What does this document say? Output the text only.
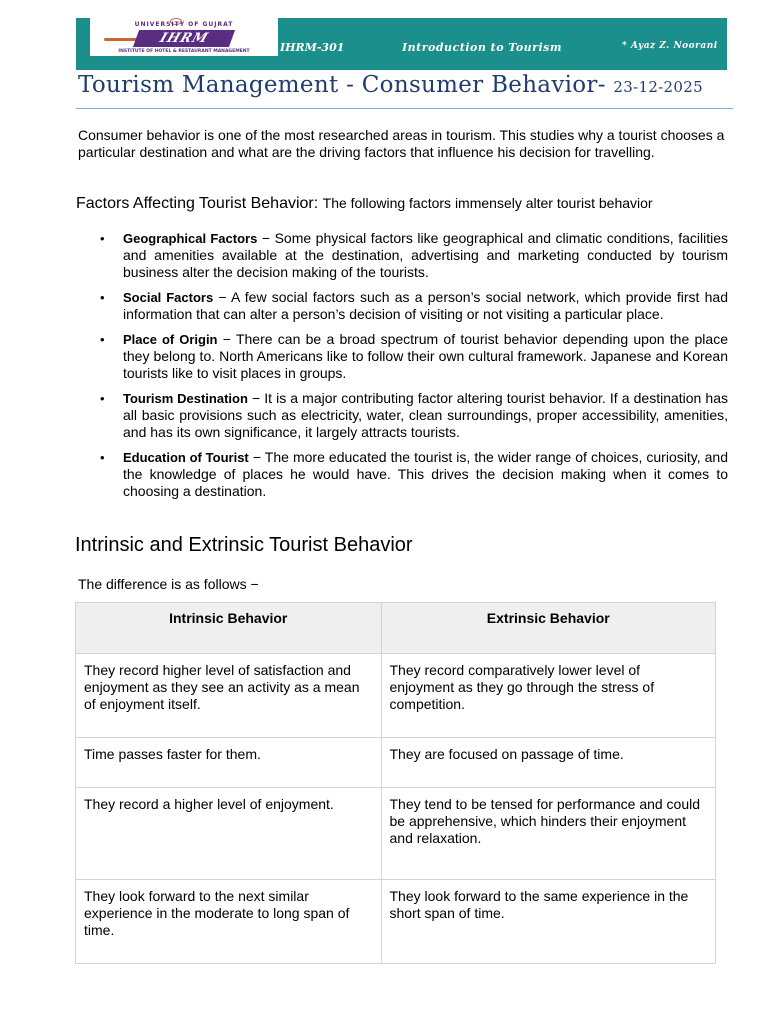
UNIVERSITY OF GUJRAT
IHRM
INSTITUTE OF HOTEL & RESTAURANT MANAGEMENT	IHRM-301	Introduction to Tourism	* Ayaz Z. Noorani
Tourism Management - Consumer Behavior- 23-12-2025

Consumer behavior is one of the most researched areas in tourism. This studies why a tourist chooses a particular destination and what are the driving factors that influence his decision for travelling.

Factors Affecting Tourist Behavior: The following factors immensely alter tourist behavior
• Geographical Factors − Some physical factors like geographical and climatic conditions, facilities and amenities available at the destination, advertising and marketing conducted by tourism business alter the decision making of the tourists.
• Social Factors − A few social factors such as a person’s social network, which provide first had information that can alter a person’s decision of visiting or not visiting a particular place.
• Place of Origin − There can be a broad spectrum of tourist behavior depending upon the place they belong to. North Americans like to follow their own cultural framework. Japanese and Korean tourists like to visit places in groups.
• Tourism Destination − It is a major contributing factor altering tourist behavior. If a destination has all basic provisions such as electricity, water, clean surroundings, proper accessibility, amenities, and has its own significance, it largely attracts tourists.
• Education of Tourist − The more educated the tourist is, the wider range of choices, curiosity, and the knowledge of places he would have. This drives the decision making when it comes to choosing a destination.
Intrinsic and Extrinsic Tourist Behavior
The difference is as follows −
Intrinsic Behavior	Extrinsic Behavior
They record higher level of satisfaction and enjoyment as they see an activity as a mean of enjoyment itself.	They record comparatively lower level of enjoyment as they go through the stress of competition.
Time passes faster for them.	They are focused on passage of time.
They record a higher level of enjoyment.	They tend to be tensed for performance and could be apprehensive, which hinders their enjoyment and relaxation.
They look forward to the next similar experience in the moderate to long span of time.	They look forward to the same experience in the short span of time.
